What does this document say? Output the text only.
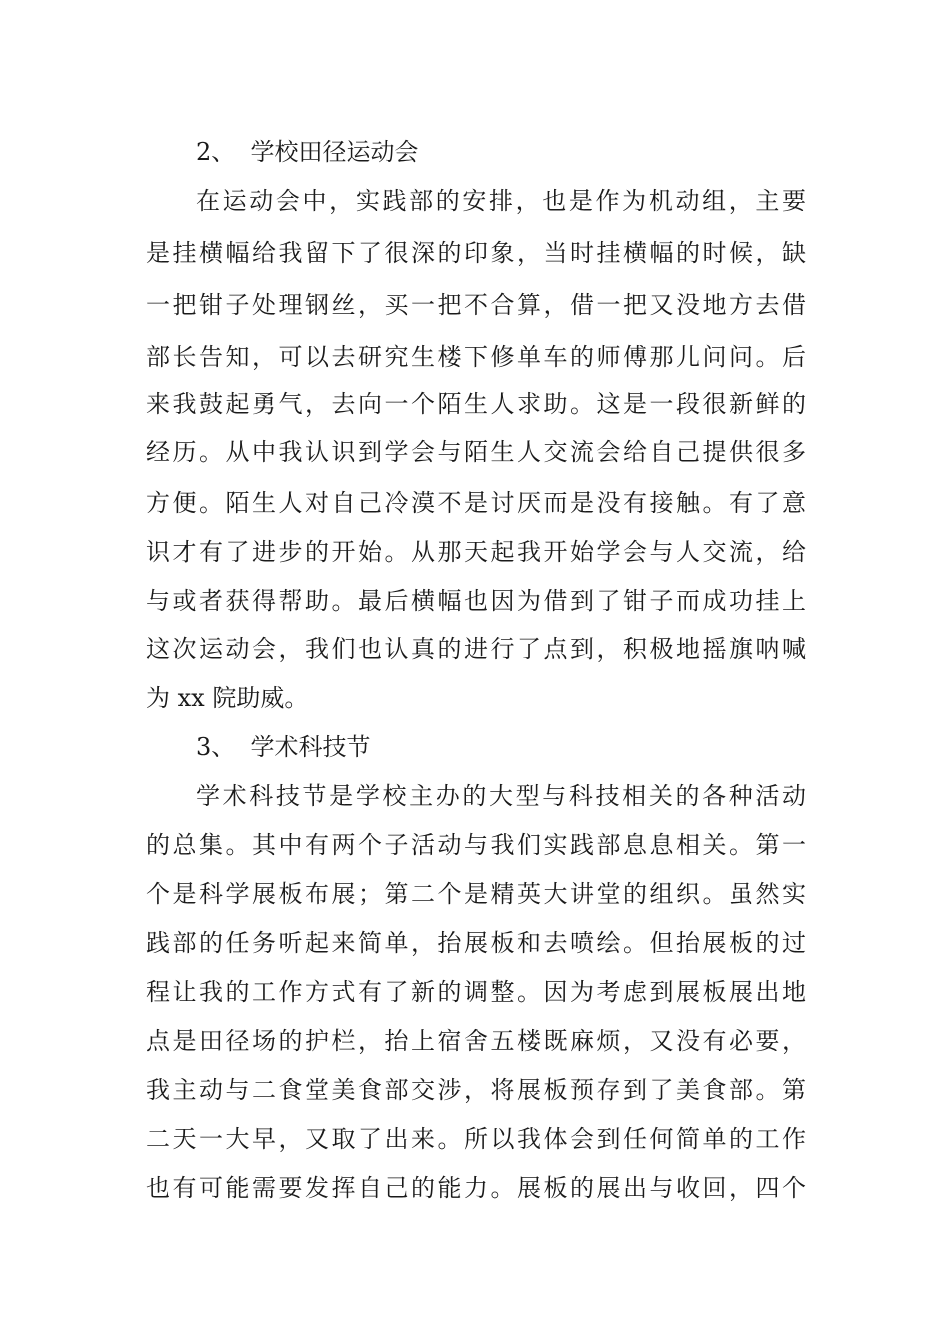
2、  学校田径运动会
在运动会中，实践部的安排，也是作为机动组，主要
是挂横幅给我留下了很深的印象，当时挂横幅的时候，缺
一把钳子处理钢丝，买一把不合算，借一把又没地方去借
部长告知，可以去研究生楼下修单车的师傅那儿问问。后
来我鼓起勇气，去向一个陌生人求助。这是一段很新鲜的
经历。从中我认识到学会与陌生人交流会给自己提供很多
方便。陌生人对自己冷漠不是讨厌而是没有接触。有了意
识才有了进步的开始。从那天起我开始学会与人交流，给
与或者获得帮助。最后横幅也因为借到了钳子而成功挂上
这次运动会，我们也认真的进行了点到，积极地摇旗呐喊
为 xx 院助威。
3、  学术科技节
学术科技节是学校主办的大型与科技相关的各种活动
的总集。其中有两个子活动与我们实践部息息相关。第一
个是科学展板布展；第二个是精英大讲堂的组织。虽然实
践部的任务听起来简单，抬展板和去喷绘。但抬展板的过
程让我的工作方式有了新的调整。因为考虑到展板展出地
点是田径场的护栏，抬上宿舍五楼既麻烦，又没有必要，
我主动与二食堂美食部交涉，将展板预存到了美食部。第
二天一大早，又取了出来。所以我体会到任何简单的工作
也有可能需要发挥自己的能力。展板的展出与收回，四个
